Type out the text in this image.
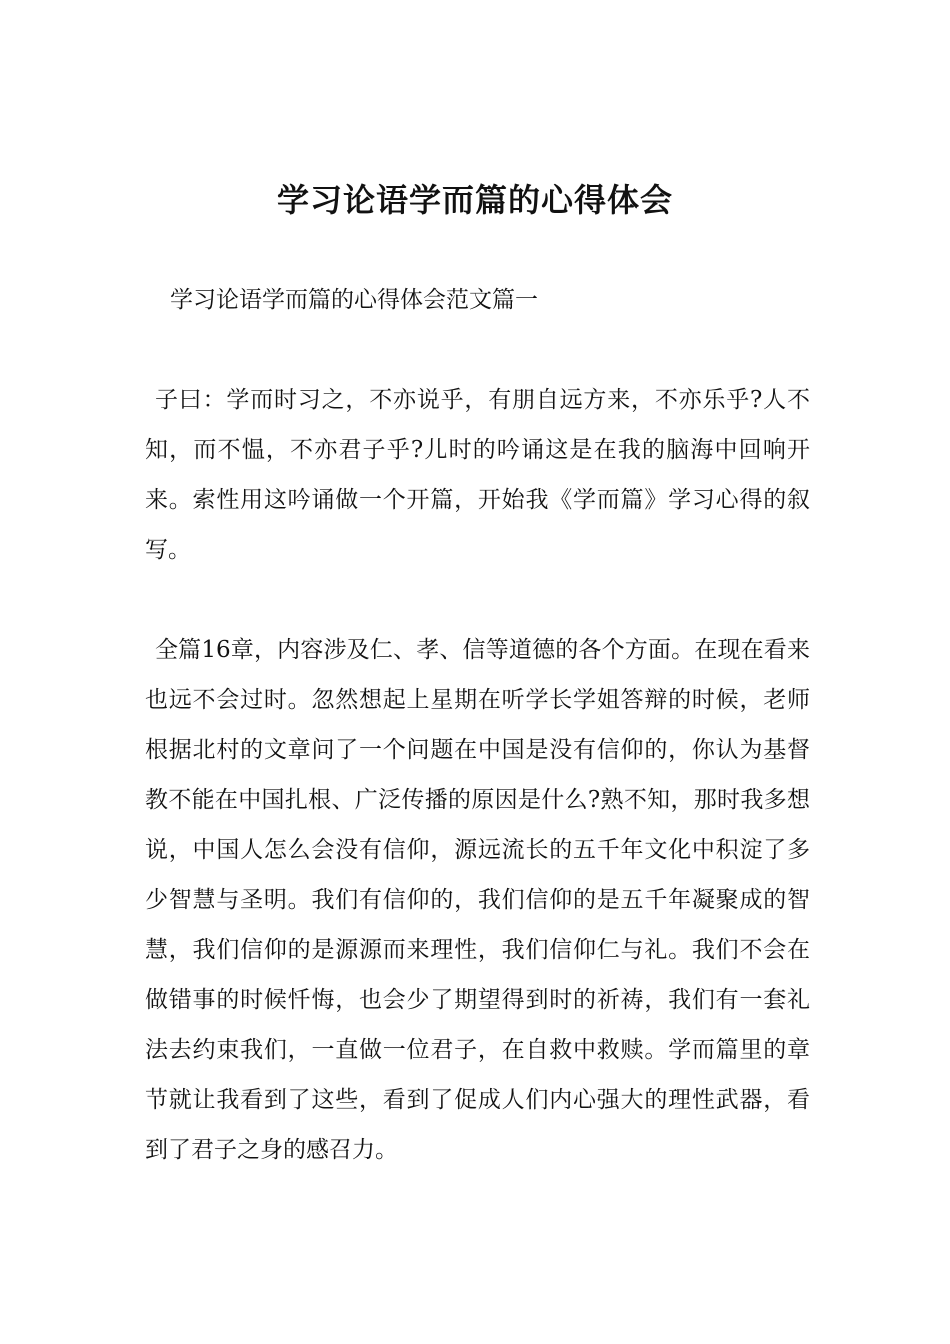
学习论语学而篇的心得体会
学习论语学而篇的心得体会范文篇一
子曰：学而时习之，不亦说乎，有朋自远方来，不亦乐乎?人不知，而不愠，不亦君子乎?儿时的吟诵这是在我的脑海中回响开来。索性用这吟诵做一个开篇，开始我《学而篇》学习心得的叙写。
全篇16章，内容涉及仁、孝、信等道德的各个方面。在现在看来也远不会过时。忽然想起上星期在听学长学姐答辩的时候，老师根据北村的文章问了一个问题在中国是没有信仰的，你认为基督教不能在中国扎根、广泛传播的原因是什么?熟不知，那时我多想说，中国人怎么会没有信仰，源远流长的五千年文化中积淀了多少智慧与圣明。我们有信仰的，我们信仰的是五千年凝聚成的智慧，我们信仰的是源源而来理性，我们信仰仁与礼。我们不会在做错事的时候忏悔，也会少了期望得到时的祈祷，我们有一套礼法去约束我们，一直做一位君子，在自救中救赎。学而篇里的章节就让我看到了这些，看到了促成人们内心强大的理性武器，看到了君子之身的感召力。
